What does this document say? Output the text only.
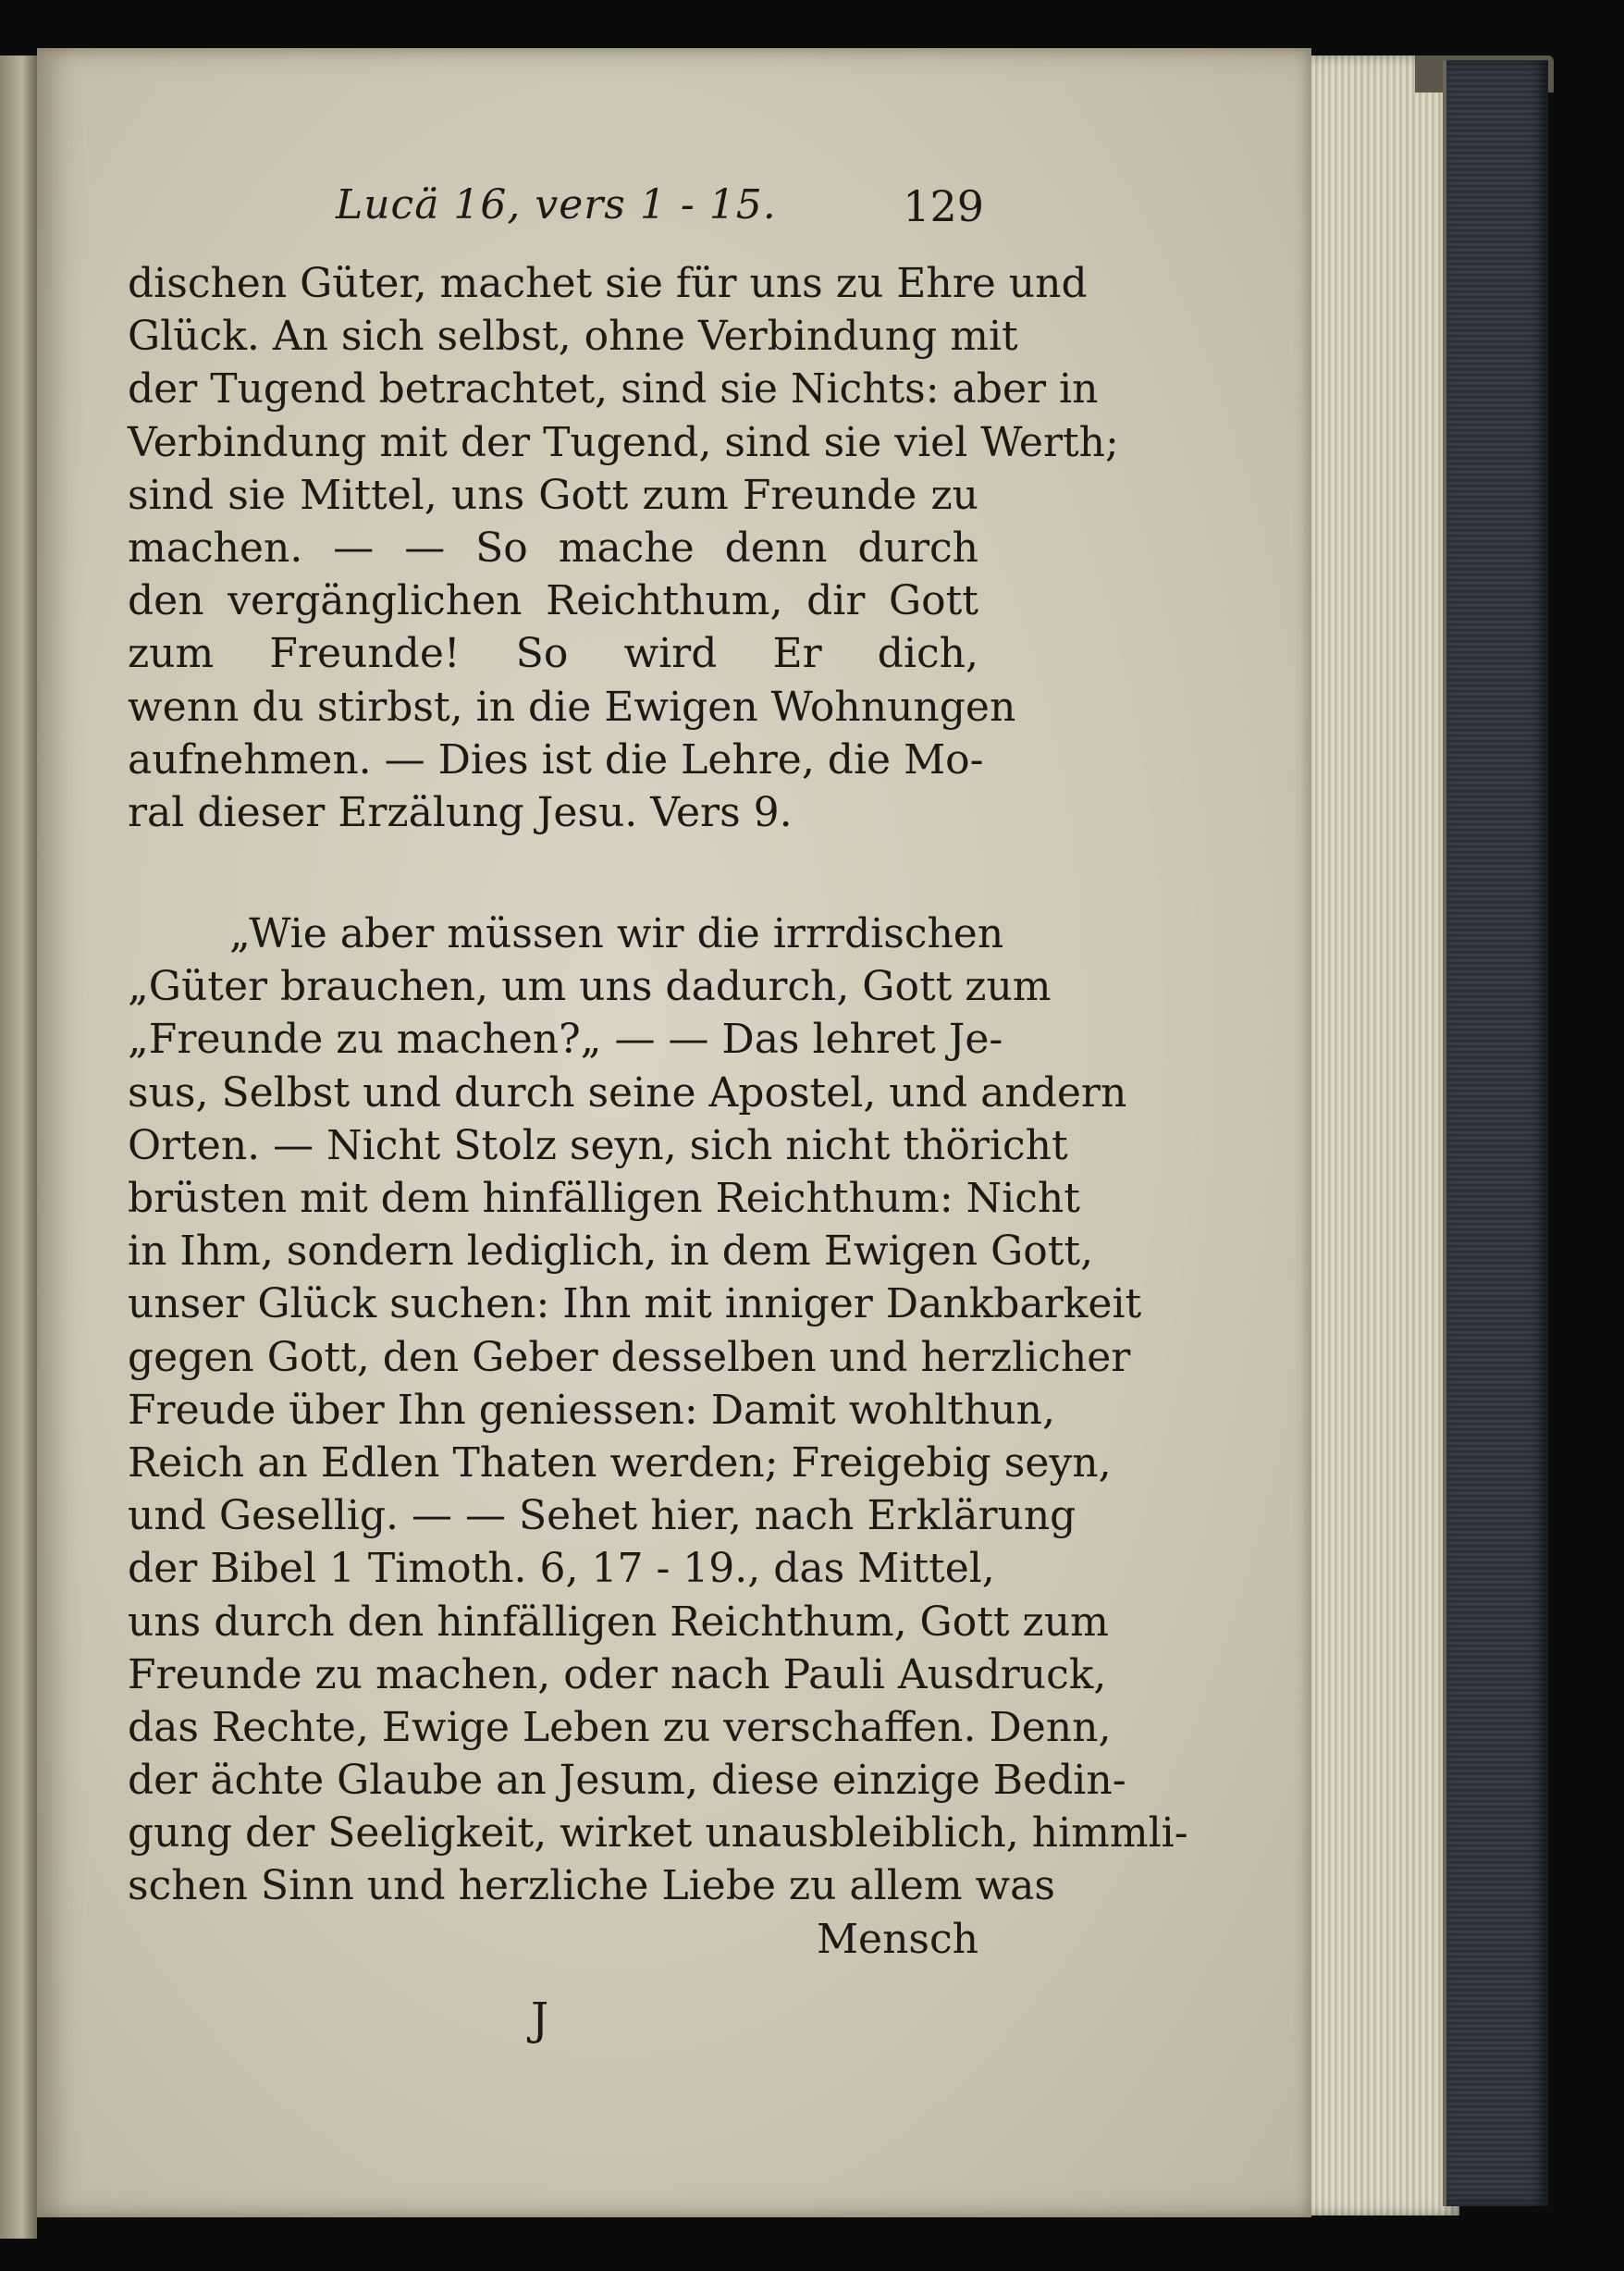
Lucä 16, vers 1 - 15.	129
dischen Güter, machet sie für uns zu Ehre und
Glück. An sich selbst, ohne Verbindung mit
der Tugend betrachtet, sind sie Nichts: aber in
Verbindung mit der Tugend, sind sie viel Werth;
sind sie Mittel, uns Gott zum Freunde zu
machen. — — So mache denn durch
den vergänglichen Reichthum, dir Gott
zum Freunde! So wird Er dich,
wenn du stirbst, in die Ewigen Wohnungen
aufnehmen. — Dies ist die Lehre, die Mo-
ral dieser Erzälung Jesu. Vers 9.
„Wie aber müssen wir die irrrdischen
„Güter brauchen, um uns dadurch, Gott zum
„Freunde zu machen?„ — — Das lehret Je-
sus, Selbst und durch seine Apostel, und andern
Orten. — Nicht Stolz seyn, sich nicht thöricht
brüsten mit dem hinfälligen Reichthum: Nicht
in Ihm, sondern lediglich, in dem Ewigen Gott,
unser Glück suchen: Ihn mit inniger Dankbarkeit
gegen Gott, den Geber desselben und herzlicher
Freude über Ihn geniessen: Damit wohlthun,
Reich an Edlen Thaten werden; Freigebig seyn,
und Gesellig. — — Sehet hier, nach Erklärung
der Bibel 1 Timoth. 6, 17 - 19., das Mittel,
uns durch den hinfälligen Reichthum, Gott zum
Freunde zu machen, oder nach Pauli Ausdruck,
das Rechte, Ewige Leben zu verschaffen. Denn,
der ächte Glaube an Jesum, diese einzige Bedin-
gung der Seeligkeit, wirket unausbleiblich, himmli-
schen Sinn und herzliche Liebe zu allem was
Mensch
J
